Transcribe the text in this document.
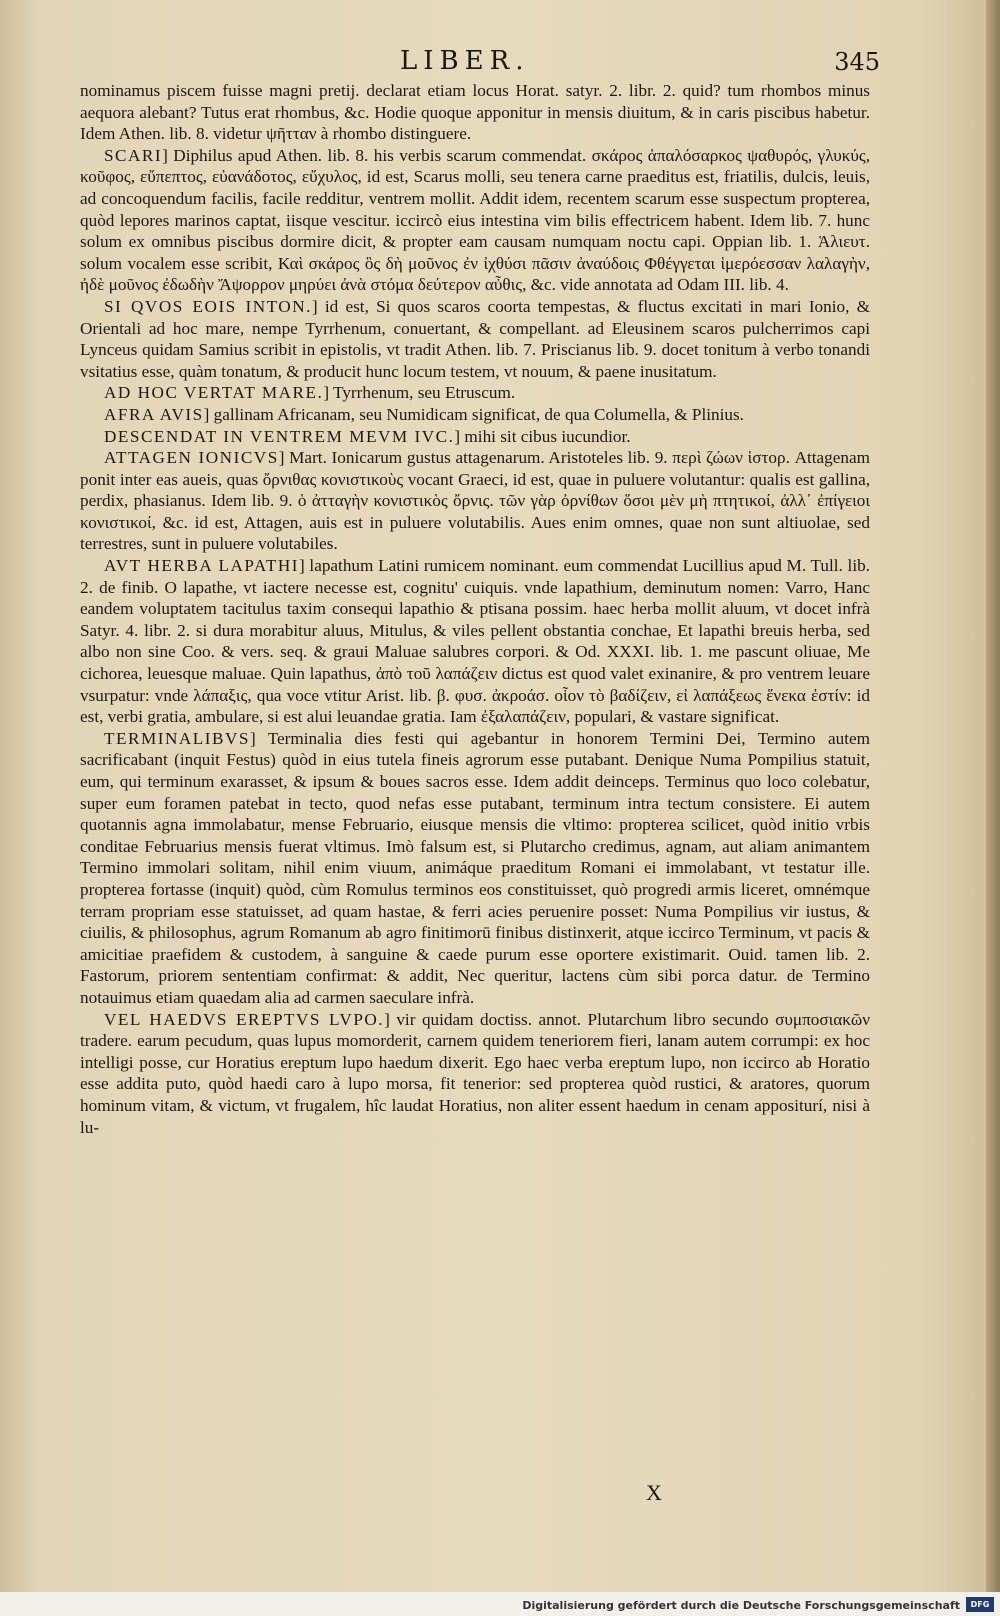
LIBER.	345

nominamus piscem fuisse magni pretij. declarat etiam locus Horat. satyr. 2. libr. 2. quid? tum rhombos minus aequora alebant? Tutus erat rhombus, &c. Hodie quoque apponitur in mensis diuitum, & in caris piscibus habetur. Idem Athen. lib. 8. videtur ψῆτταν à rhombo distinguere.

SCARI] Diphilus apud Athen. lib. 8. his verbis scarum commendat. σκάρος ἁπαλόσαρκος ψαθυρός, γλυκύς, κοῦφος, εὔπεπτος, εὐανάδοτος, εὔχυλος, id est, Scarus molli, seu tenera carne praeditus est, friatilis, dulcis, leuis, ad concoquendum facilis, facile redditur, ventrem mollit. Addit idem, recentem scarum esse suspectum propterea, quòd lepores marinos captat, iisque vescitur. iccircò eius intestina vim bilis effectricem habent. Idem lib. 7. hunc solum ex omnibus piscibus dormire dicit, & propter eam causam numquam noctu capi. Oppian lib. 1. Ἁλιευτ. solum vocalem esse scribit, Καὶ σκάρος ὃς δὴ μοῦνος ἐν ἰχθύσι πᾶσιν ἀναύδοις Φθέγγεται ἱμερόεσσαν λαλαγὴν, ἠδὲ μοῦνος ἐδωδὴν Ἄψορρον μηρύει ἀνὰ στόμα δεύτερον αὖθις, &c. vide annotata ad Odam III. lib. 4.

SI QVOS EOIS INTON.] id est, Si quos scaros coorta tempestas, & fluctus excitati in mari Ionio, & Orientali ad hoc mare, nempe Tyrrhenum, conuertant, & compellant. ad Eleusinem scaros pulcherrimos capi Lynceus quidam Samius scribit in epistolis, vt tradit Athen. lib. 7. Priscianus lib. 9. docet tonitum à verbo tonandi vsitatius esse, quàm tonatum, & producit hunc locum testem, vt nouum, & paene inusitatum.

AD HOC VERTAT MARE.] Tyrrhenum, seu Etruscum.

AFRA AVIS] gallinam Africanam, seu Numidicam significat, de qua Columella, & Plinius.

DESCENDAT IN VENTREM MEVM IVC.] mihi sit cibus iucundior.

ATTAGEN IONICVS] Mart. Ionicarum gustus attagenarum. Aristoteles lib. 9. περὶ ζώων ἱστορ. Attagenam ponit inter eas aueis, quas ὄρνιθας κονιστικοὺς vocant Graeci, id est, quae in puluere volutantur: qualis est gallina, perdix, phasianus. Idem lib. 9. ὁ ἀτταγὴν κονιστικὸς ὄρνις. τῶν γὰρ ὀρνίθων ὅσοι μὲν μὴ πτητικοί, ἀλλ᾽ ἐπίγειοι κονιστικοί, &c. id est, Attagen, auis est in puluere volutabilis. Aues enim omnes, quae non sunt altiuolae, sed terrestres, sunt in puluere volutabiles.

AVT HERBA LAPATHI] lapathum Latini rumicem nominant. eum commendat Lucillius apud M. Tull. lib. 2. de finib. O lapathe, vt iactere necesse est, cognitu' cuiquis. vnde lapathium, deminutum nomen: Varro, Hanc eandem voluptatem tacitulus taxim consequi lapathio & ptisana possim. haec herba mollit aluum, vt docet infrà Satyr. 4. libr. 2. si dura morabitur aluus, Mitulus, & viles pellent obstantia conchae, Et lapathi breuis herba, sed albo non sine Coo. & vers. seq. & graui Maluae salubres corpori. & Od. XXXI. lib. 1. me pascunt oliuae, Me cichorea, leuesque maluae. Quin lapathus, ἀπὸ τοῦ λαπάζειν dictus est quod valet exinanire, & pro ventrem leuare vsurpatur: vnde λάπαξις, qua voce vtitur Arist. lib. β. φυσ. ἀκροάσ. οἷον τὸ βαδίζειν, εἰ λαπάξεως ἕνεκα ἐστίν: id est, verbi gratia, ambulare, si est alui leuandae gratia. Iam ἐξαλαπάζειν, populari, & vastare significat.

TERMINALIBVS] Terminalia dies festi qui agebantur in honorem Termini Dei, Termino autem sacrificabant (inquit Festus) quòd in eius tutela fineis agrorum esse putabant. Denique Numa Pompilius statuit, eum, qui terminum exarasset, & ipsum & boues sacros esse. Idem addit deinceps. Terminus quo loco colebatur, super eum foramen patebat in tecto, quod nefas esse putabant, terminum intra tectum consistere. Ei autem quotannis agna immolabatur, mense Februario, eiusque mensis die vltimo: propterea scilicet, quòd initio vrbis conditae Februarius mensis fuerat vltimus. Imò falsum est, si Plutarcho credimus, agnam, aut aliam animantem Termino immolari solitam, nihil enim viuum, animáque praeditum Romani ei immolabant, vt testatur ille. propterea fortasse (inquit) quòd, cùm Romulus terminos eos constituisset, quò progredi armis liceret, omnémque terram propriam esse statuisset, ad quam hastae, & ferri acies peruenire posset: Numa Pompilius vir iustus, & ciuilis, & philosophus, agrum Romanum ab agro finitimorū finibus distinxerit, atque iccirco Terminum, vt pacis & amicitiae praefidem & custodem, à sanguine & caede purum esse oportere existimarit. Ouid. tamen lib. 2. Fastorum, priorem sententiam confirmat: & addit, Nec queritur, lactens cùm sibi porca datur. de Termino notauimus etiam quaedam alia ad carmen saeculare infrà.

VEL HAEDVS EREPTVS LVPO.] vir quidam doctiss. annot. Plutarchum libro secundo συμποσιακῶν tradere. earum pecudum, quas lupus momorderit, carnem quidem teneriorem fieri, lanam autem corrumpi: ex hoc intelligi posse, cur Horatius ereptum lupo haedum dixerit. Ego haec verba ereptum lupo, non iccirco ab Horatio esse addita puto, quòd haedi caro à lupo morsa, fit tenerior: sed propterea quòd rustici, & aratores, quorum hominum vitam, & victum, vt frugalem, hîc laudat Horatius, non aliter essent haedum in cenam appositurí, nisi à lu-

X
Digitalisierung gefördert durch die Deutsche Forschungsgemeinschaft	DFG
